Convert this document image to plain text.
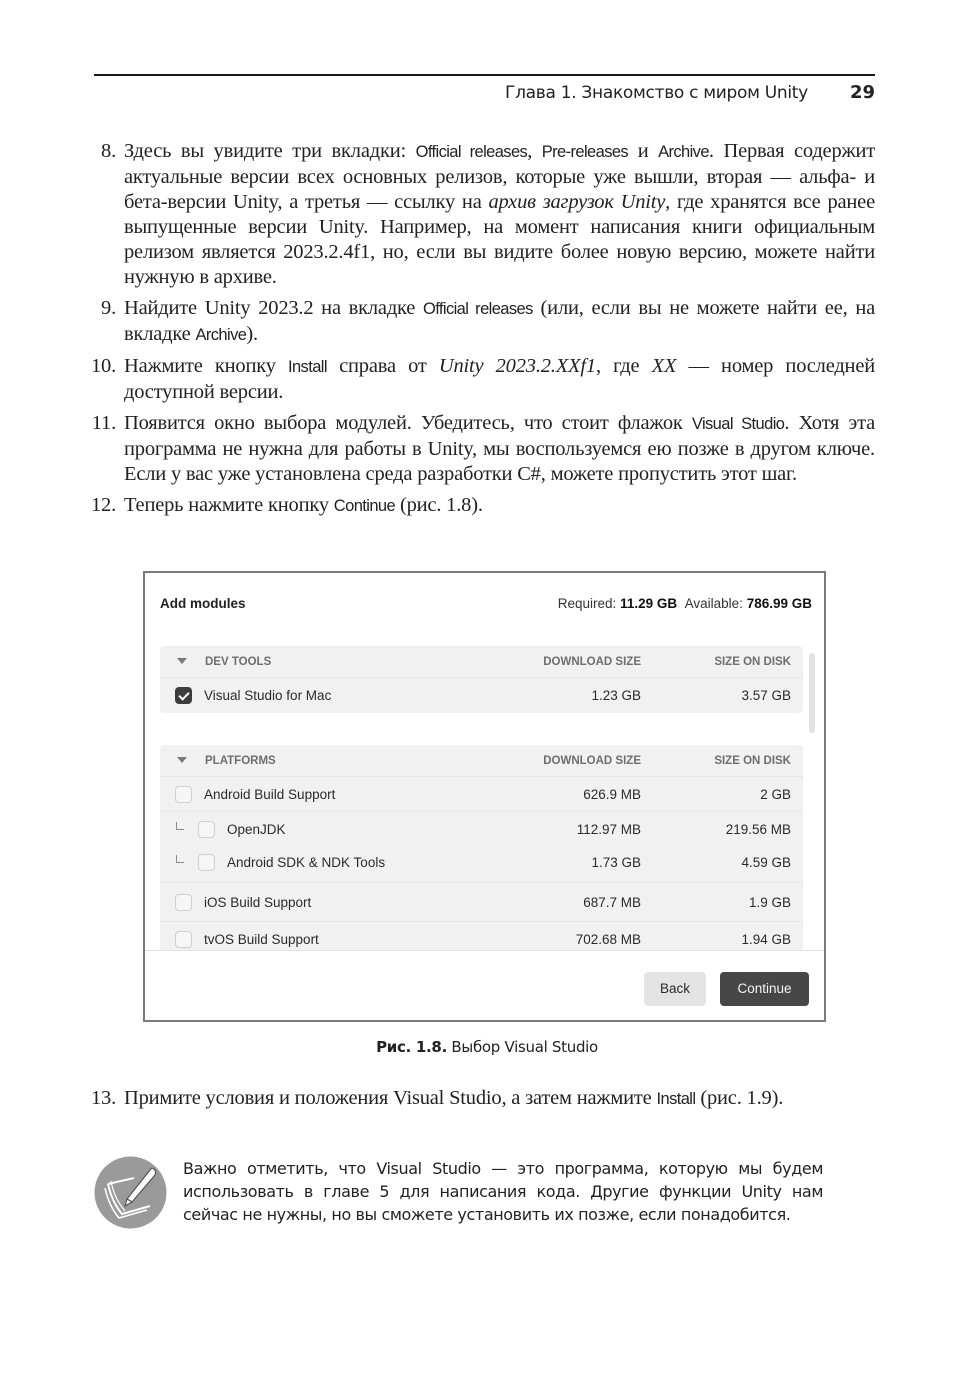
Глава 1. Знакомство с миром Unity 29
8. Здесь вы увидите три вкладки: Official releases, Pre-releases и Archive. Первая содержит актуальные версии всех основных релизов, которые уже вышли, вторая — альфа- и бета-версии Unity, а третья — ссылку на архив загрузок Unity, где хранятся все ранее выпущенные версии Unity. Например, на момент написания книги официальным релизом является 2023.2.4f1, но, если вы видите более новую версию, можете найти нужную в архиве.
9. Найдите Unity 2023.2 на вкладке Official releases (или, если вы не можете найти ее, на вкладке Archive).
10. Нажмите кнопку Install справа от Unity 2023.2.XXf1, где XX — номер последней доступной версии.
11. Появится окно выбора модулей. Убедитесь, что стоит флажок Visual Studio. Хотя эта программа не нужна для работы в Unity, мы воспользуемся ею позже в другом ключе. Если у вас уже установлена среда разработки C#, можете пропустить этот шаг.
12. Теперь нажмите кнопку Continue (рис. 1.8).
Add modules	Required: 11.29 GB Available: 786.99 GB
DEV TOOLS	DOWNLOAD SIZE	SIZE ON DISK
Visual Studio for Mac	1.23 GB	3.57 GB
PLATFORMS	DOWNLOAD SIZE	SIZE ON DISK
Android Build Support	626.9 MB	2 GB
OpenJDK	112.97 MB	219.56 MB
Android SDK & NDK Tools	1.73 GB	4.59 GB
iOS Build Support	687.7 MB	1.9 GB
tvOS Build Support	702.68 MB	1.94 GB
Back	Continue
Рис. 1.8. Выбор Visual Studio
13. Примите условия и положения Visual Studio, а затем нажмите Install (рис. 1.9).
Важно отметить, что Visual Studio — это программа, которую мы будем использовать в главе 5 для написания кода. Другие функции Unity нам сейчас не нужны, но вы сможете установить их позже, если понадобится.
